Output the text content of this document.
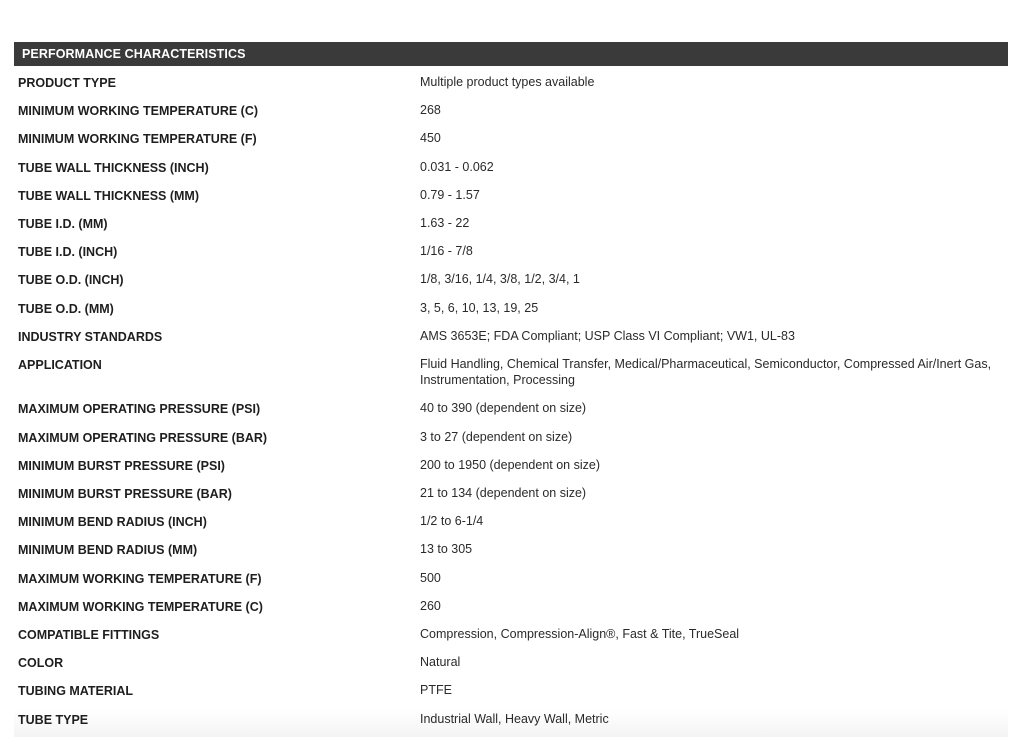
PERFORMANCE CHARACTERISTICS
PRODUCT TYPE	Multiple product types available
MINIMUM WORKING TEMPERATURE (C)	268
MINIMUM WORKING TEMPERATURE (F)	450
TUBE WALL THICKNESS (INCH)	0.031 - 0.062
TUBE WALL THICKNESS (MM)	0.79 - 1.57
TUBE I.D. (MM)	1.63 - 22
TUBE I.D. (INCH)	1/16 - 7/8
TUBE O.D. (INCH)	1/8, 3/16, 1/4, 3/8, 1/2, 3/4, 1
TUBE O.D. (MM)	3, 5, 6, 10, 13, 19, 25
INDUSTRY STANDARDS	AMS 3653E; FDA Compliant; USP Class VI Compliant; VW1, UL-83
APPLICATION	Fluid Handling, Chemical Transfer, Medical/Pharmaceutical, Semiconductor, Compressed Air/Inert Gas, Instrumentation, Processing
MAXIMUM OPERATING PRESSURE (PSI)	40 to 390 (dependent on size)
MAXIMUM OPERATING PRESSURE (BAR)	3 to 27 (dependent on size)
MINIMUM BURST PRESSURE (PSI)	200 to 1950 (dependent on size)
MINIMUM BURST PRESSURE (BAR)	21 to 134 (dependent on size)
MINIMUM BEND RADIUS (INCH)	1/2 to 6-1/4
MINIMUM BEND RADIUS (MM)	13 to 305
MAXIMUM WORKING TEMPERATURE (F)	500
MAXIMUM WORKING TEMPERATURE (C)	260
COMPATIBLE FITTINGS	Compression, Compression-Align®, Fast & Tite, TrueSeal
COLOR	Natural
TUBING MATERIAL	PTFE
TUBE TYPE	Industrial Wall, Heavy Wall, Metric
